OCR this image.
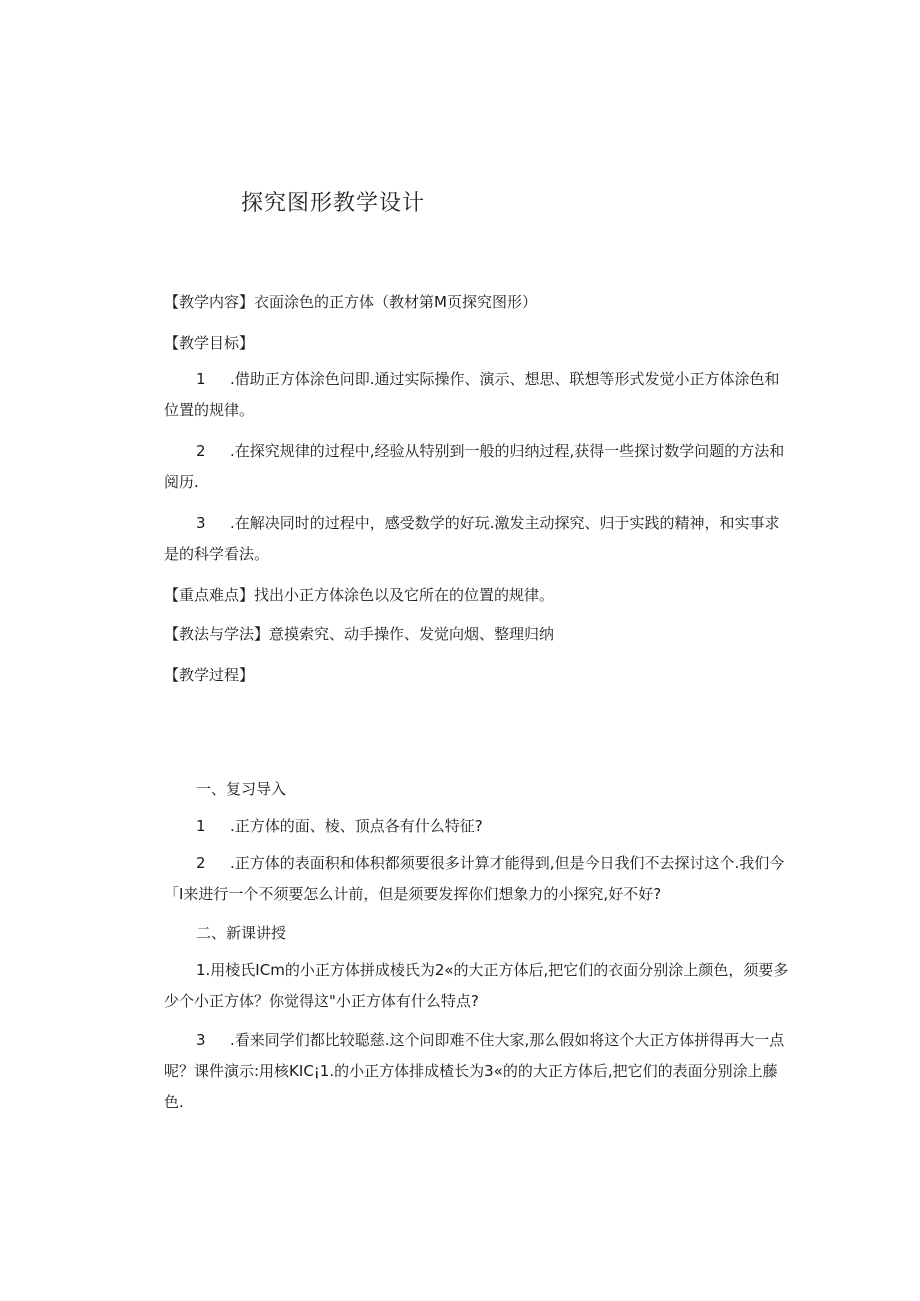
探究图形教学设计
【教学内容】衣面涂色的正方体（教材第M页探究图形）
【教学目标】
1 .借助正方体涂色问即.通过实际操作、演示、想思、联想等形式发觉小正方体涂色和位置的规律。
2 .在探究规律的过程中,经验从特别到一般的归纳过程,获得一些探讨数学问题的方法和阅历.
3 .在解决同时的过程中，感受数学的好玩.激发主动探究、归于实践的精神，和实事求是的科学看法。
【重点难点】找出小正方体涂色以及它所在的位置的规律。
【教法与学法】意摸索究、动手操作、发觉向烟、整理归纳
【教学过程】
一、复习导入
1 .正方体的面、棱、顶点各有什么特征?
2 .正方体的表面积和体积都须要很多计算才能得到,但是今日我们不去探讨这个.我们今「I来进行一个不须要怎么计前，但是须要发挥你们想象力的小探究,好不好?
二、新课讲授
1.用棱氏ICm的小正方体拼成棱氏为2«的大正方体后,把它们的衣面分别涂上颜色，须要多少个小正方体？你觉得这"小正方体有什么特点?
3 .看来同学们都比较聪慈.这个问即难不住大家,那么假如将这个大正方体拼得再大一点呢？课件演示:用核KIC¡1.的小正方体排成楂长为3«的的大正方体后,把它们的表面分别涂上藤色.
